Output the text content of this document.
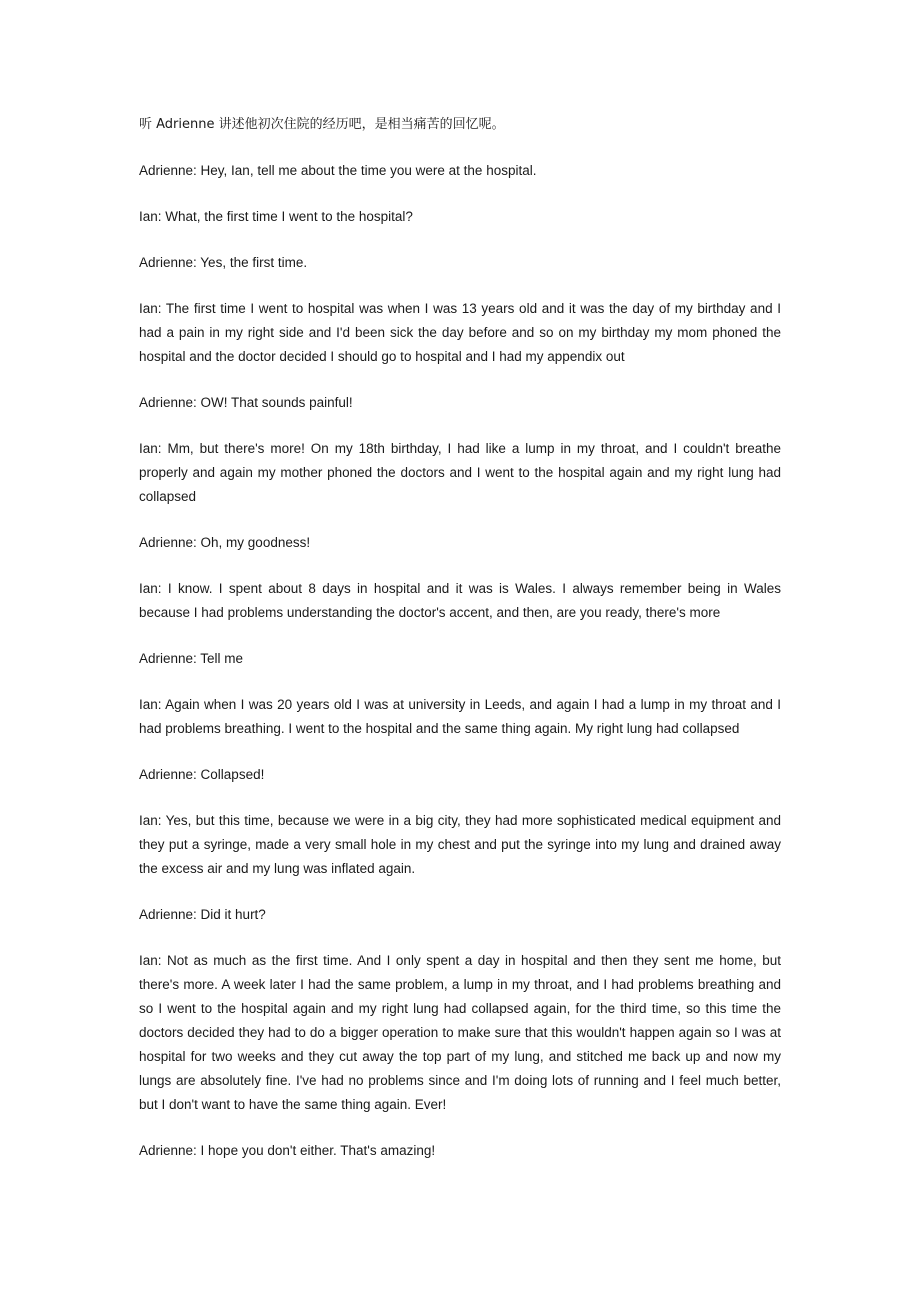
听 Adrienne 讲述他初次住院的经历吧，是相当痛苦的回忆呢。

Adrienne: Hey, Ian, tell me about the time you were at the hospital.

Ian: What, the first time I went to the hospital?

Adrienne: Yes, the first time.

Ian: The first time I went to hospital was when I was 13 years old and it was the day of my birthday and I had a pain in my right side and I'd been sick the day before and so on my birthday my mom phoned the hospital and the doctor decided I should go to hospital and I had my appendix out

Adrienne: OW! That sounds painful!

Ian: Mm, but there's more! On my 18th birthday, I had like a lump in my throat, and I couldn't breathe properly and again my mother phoned the doctors and I went to the hospital again and my right lung had collapsed

Adrienne: Oh, my goodness!

Ian: I know. I spent about 8 days in hospital and it was is Wales. I always remember being in Wales because I had problems understanding the doctor's accent, and then, are you ready, there's more

Adrienne: Tell me

Ian: Again when I was 20 years old I was at university in Leeds, and again I had a lump in my throat and I had problems breathing. I went to the hospital and the same thing again. My right lung had collapsed

Adrienne: Collapsed!

Ian: Yes, but this time, because we were in a big city, they had more sophisticated medical equipment and they put a syringe, made a very small hole in my chest and put the syringe into my lung and drained away the excess air and my lung was inflated again.

Adrienne: Did it hurt?

Ian: Not as much as the first time. And I only spent a day in hospital and then they sent me home, but there's more. A week later I had the same problem, a lump in my throat, and I had problems breathing and so I went to the hospital again and my right lung had collapsed again, for the third time, so this time the doctors decided they had to do a bigger operation to make sure that this wouldn't happen again so I was at hospital for two weeks and they cut away the top part of my lung, and stitched me back up and now my lungs are absolutely fine. I've had no problems since and I'm doing lots of running and I feel much better, but I don't want to have the same thing again. Ever!

Adrienne: I hope you don't either. That's amazing!
